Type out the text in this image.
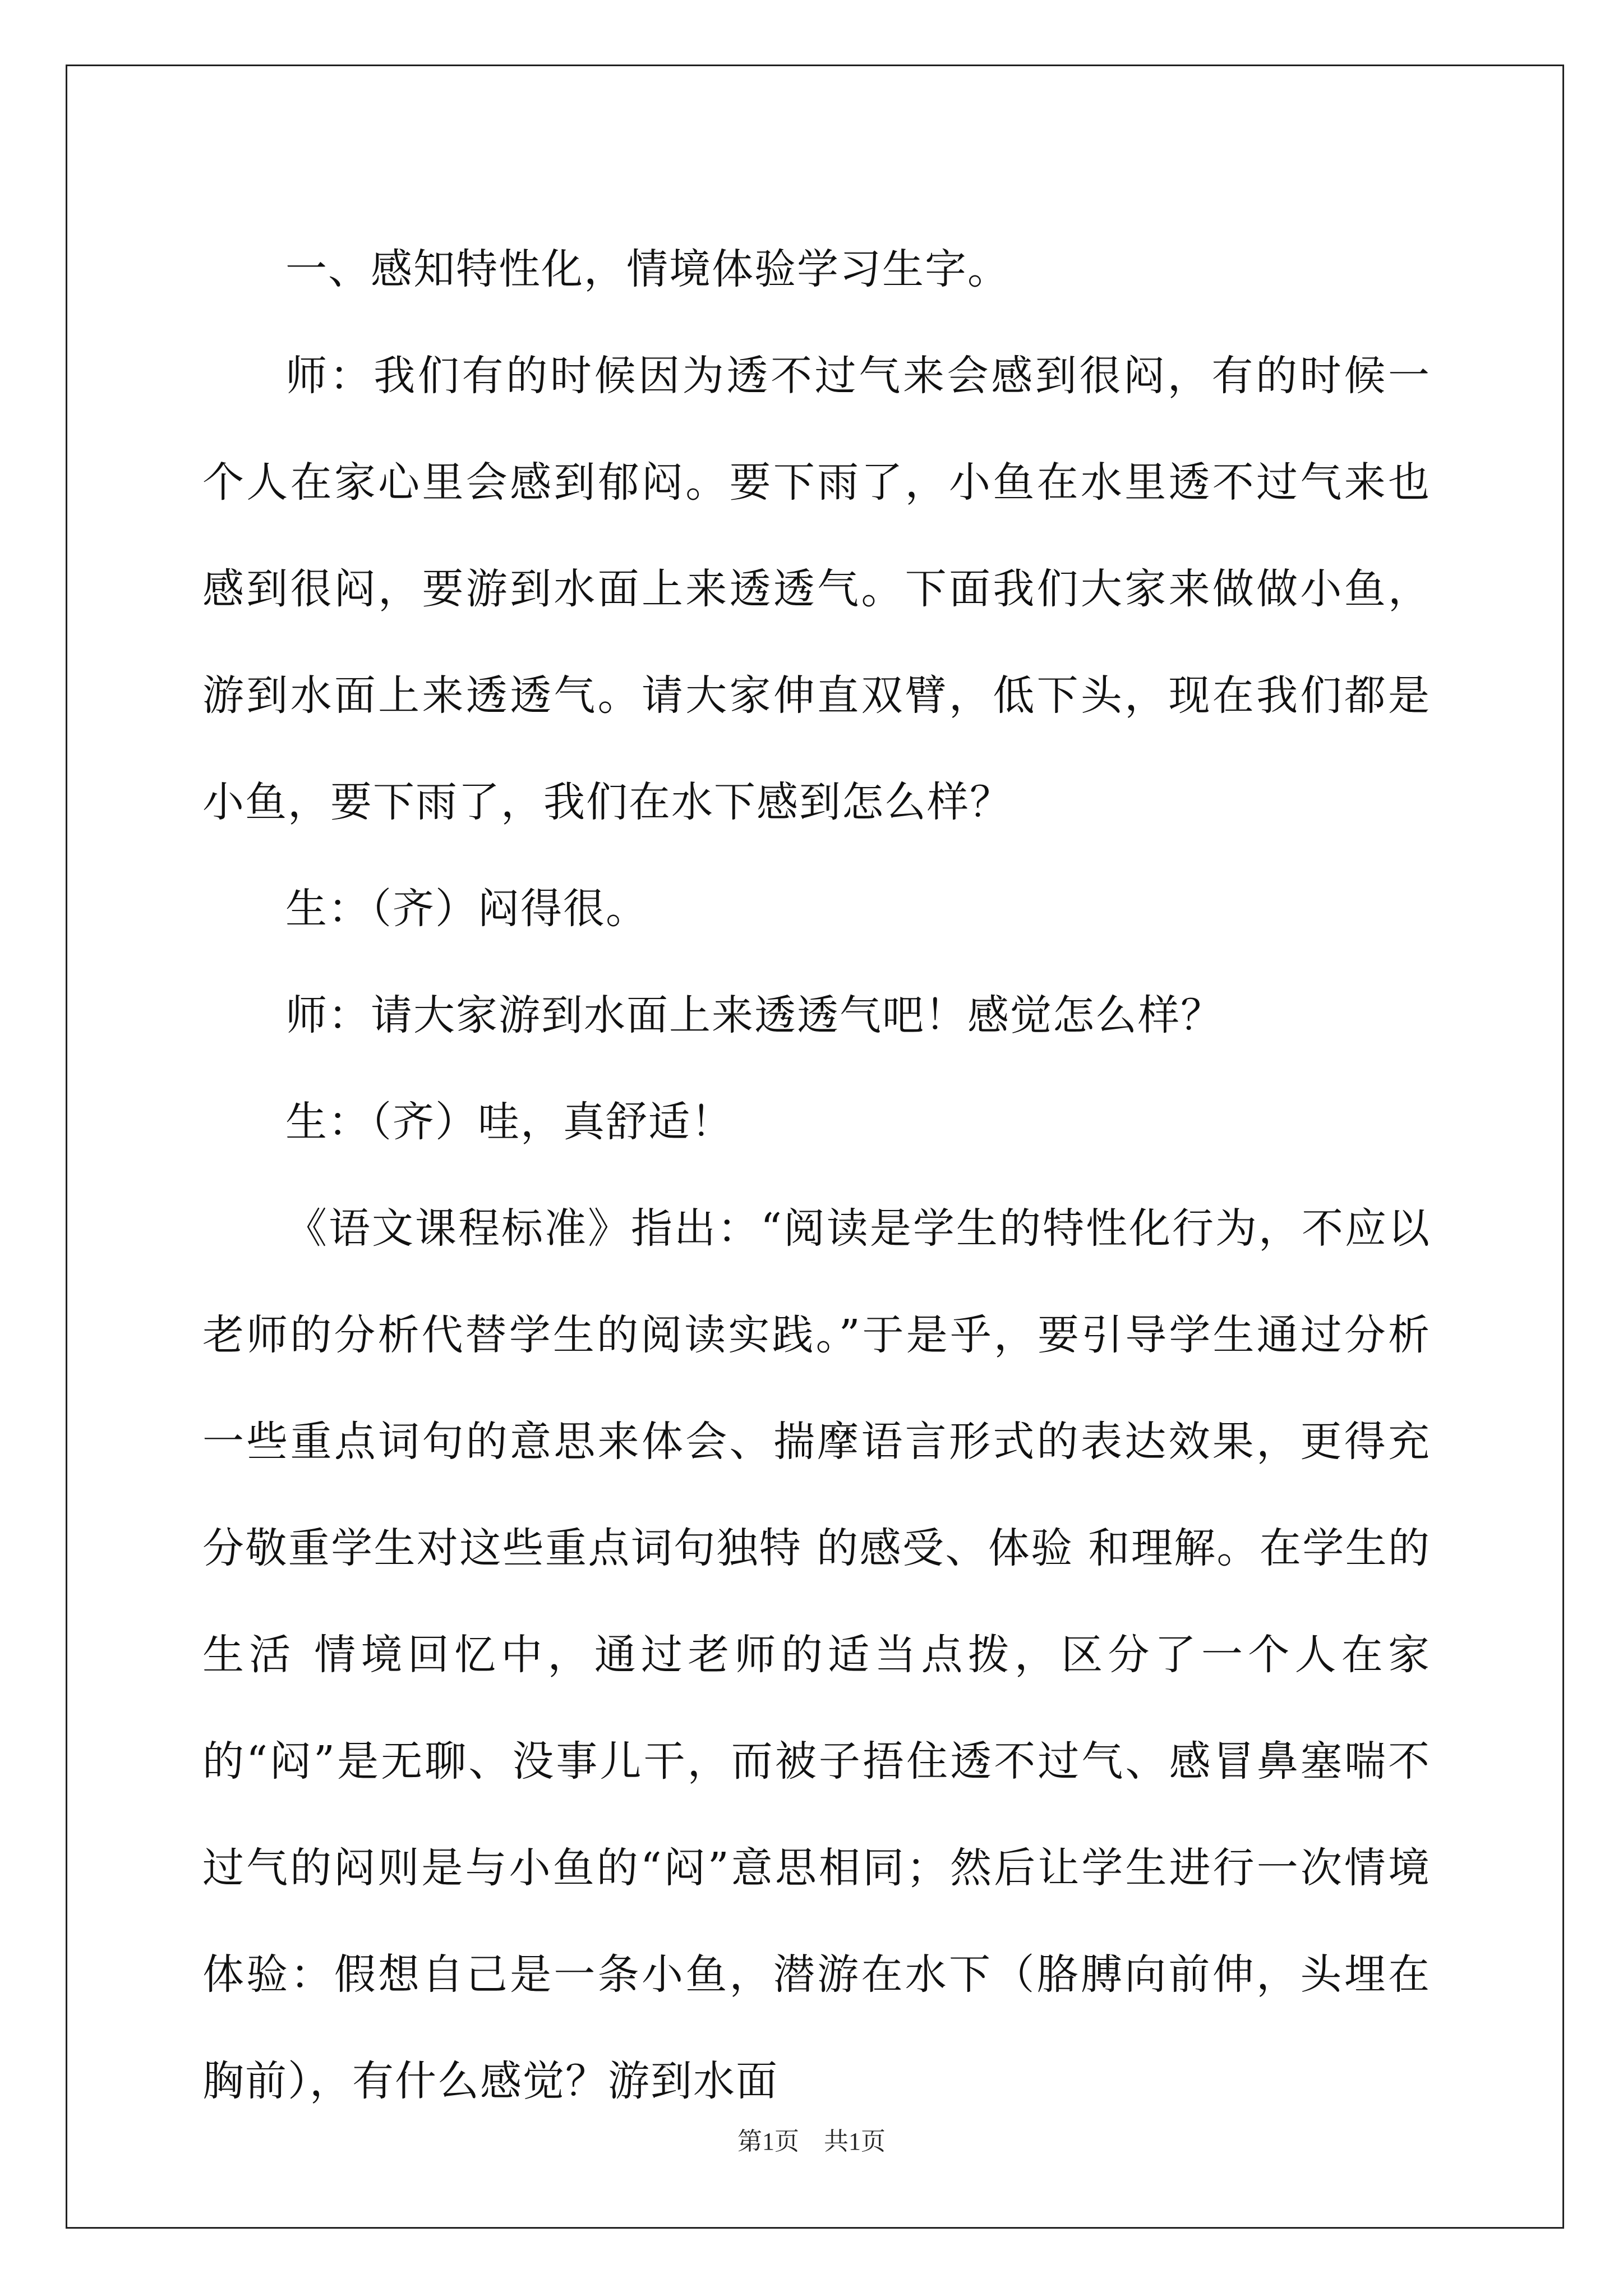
一、感知特性化，情境体验学习生字。

师：我们有的时候因为透不过气来会感到很闷，有的时候一个人在家心里会感到郁闷。要下雨了，小鱼在水里透不过气来也感到很闷，要游到水面上来透透气。下面我们大家来做做小鱼，游到水面上来透透气。请大家伸直双臂，低下头，现在我们都是小鱼，要下雨了，我们在水下感到怎么样？

生：（齐）闷得很。

师：请大家游到水面上来透透气吧！感觉怎么样？

生：（齐）哇，真舒适！

《语文课程标准》指出：“阅读是学生的特性化行为，不应以老师的分析代替学生的阅读实践。”于是乎，要引导学生通过分析一些重点词句的意思来体会、揣摩语言形式的表达效果，更得充分敬重学生对这些重点词句独特 的感受、体验 和理解。在学生的生活 情境回忆中，通过老师的适当点拨，区分了一个人在家的“闷”是无聊、没事儿干，而被子捂住透不过气、感冒鼻塞喘不过气的闷则是与小鱼的“闷”意思相同；然后让学生进行一次情境体验：假想自己是一条小鱼，潜游在水下（胳膊向前伸，头埋在胸前），有什么感觉？游到水面

第1页　共1页
